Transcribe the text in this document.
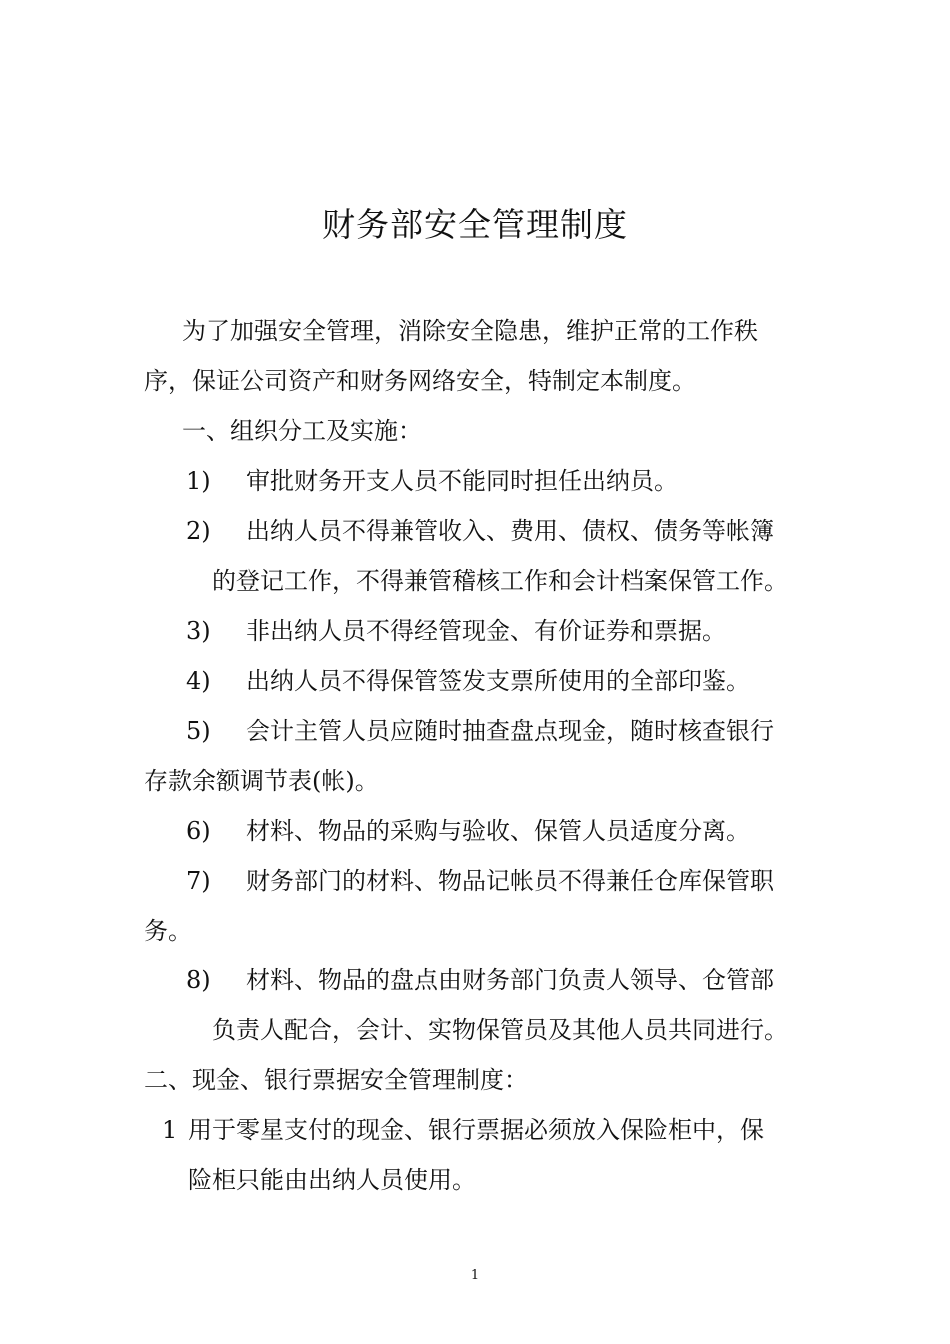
财务部安全管理制度
为了加强安全管理，消除安全隐患，维护正常的工作秩
序，保证公司资产和财务网络安全，特制定本制度。
一、组织分工及实施：
1) 审批财务开支人员不能同时担任出纳员。
2) 出纳人员不得兼管收入、费用、债权、债务等帐簿
的登记工作，不得兼管稽核工作和会计档案保管工作。
3) 非出纳人员不得经管现金、有价证券和票据。
4) 出纳人员不得保管签发支票所使用的全部印鉴。
5) 会计主管人员应随时抽查盘点现金，随时核查银行
存款余额调节表(帐)。
6) 材料、物品的采购与验收、保管人员适度分离。
7) 财务部门的材料、物品记帐员不得兼任仓库保管职
务。
8) 材料、物品的盘点由财务部门负责人领导、仓管部
负责人配合，会计、实物保管员及其他人员共同进行。
二、现金、银行票据安全管理制度：
1 用于零星支付的现金、银行票据必须放入保险柜中，保
险柜只能由出纳人员使用。
1
